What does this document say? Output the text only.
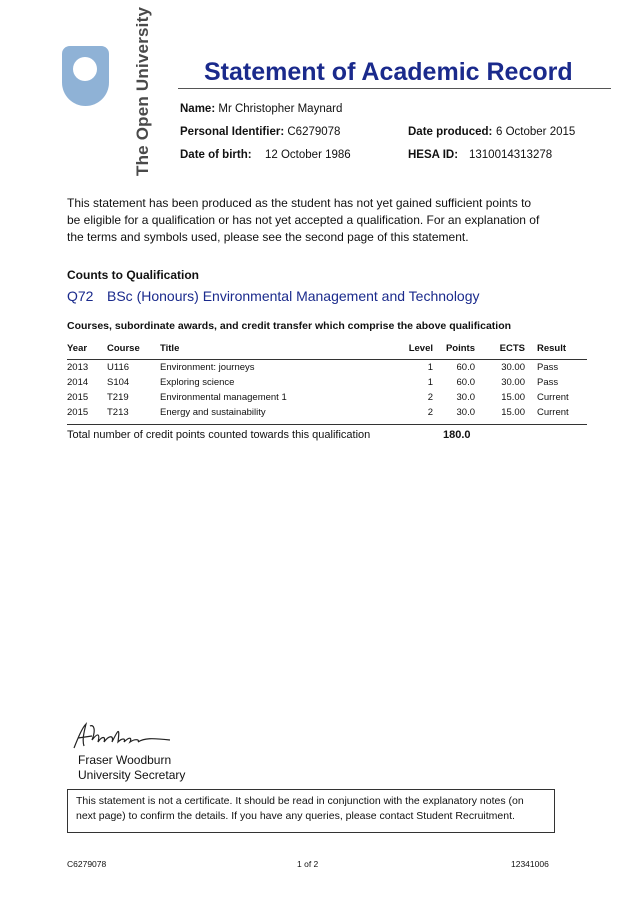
The Open University Statement of Academic Record
Name: Mr Christopher Maynard
Personal Identifier: C6279078
Date of birth: 12 October 1986
Date produced: 6 October 2015
HESA ID: 1310014313278
This statement has been produced as the student has not yet gained sufficient points to be eligible for a qualification or has not yet accepted a qualification. For an explanation of the terms and symbols used, please see the second page of this statement.
Counts to Qualification
Q72 BSc (Honours) Environmental Management and Technology
Courses, subordinate awards, and credit transfer which comprise the above qualification
Year	Course	Title	Level	Points	ECTS	Result
2013	U116	Environment: journeys	1	60.0	30.00	Pass
2014	S104	Exploring science	1	60.0	30.00	Pass
2015	T219	Environmental management 1	2	30.0	15.00	Current
2015	T213	Energy and sustainability	2	30.0	15.00	Current
Total number of credit points counted towards this qualification	180.0
Fraser Woodburn
University Secretary
This statement is not a certificate. It should be read in conjunction with the explanatory notes (on next page) to confirm the details. If you have any queries, please contact Student Recruitment.
C6279078	1 of 2	12341006
